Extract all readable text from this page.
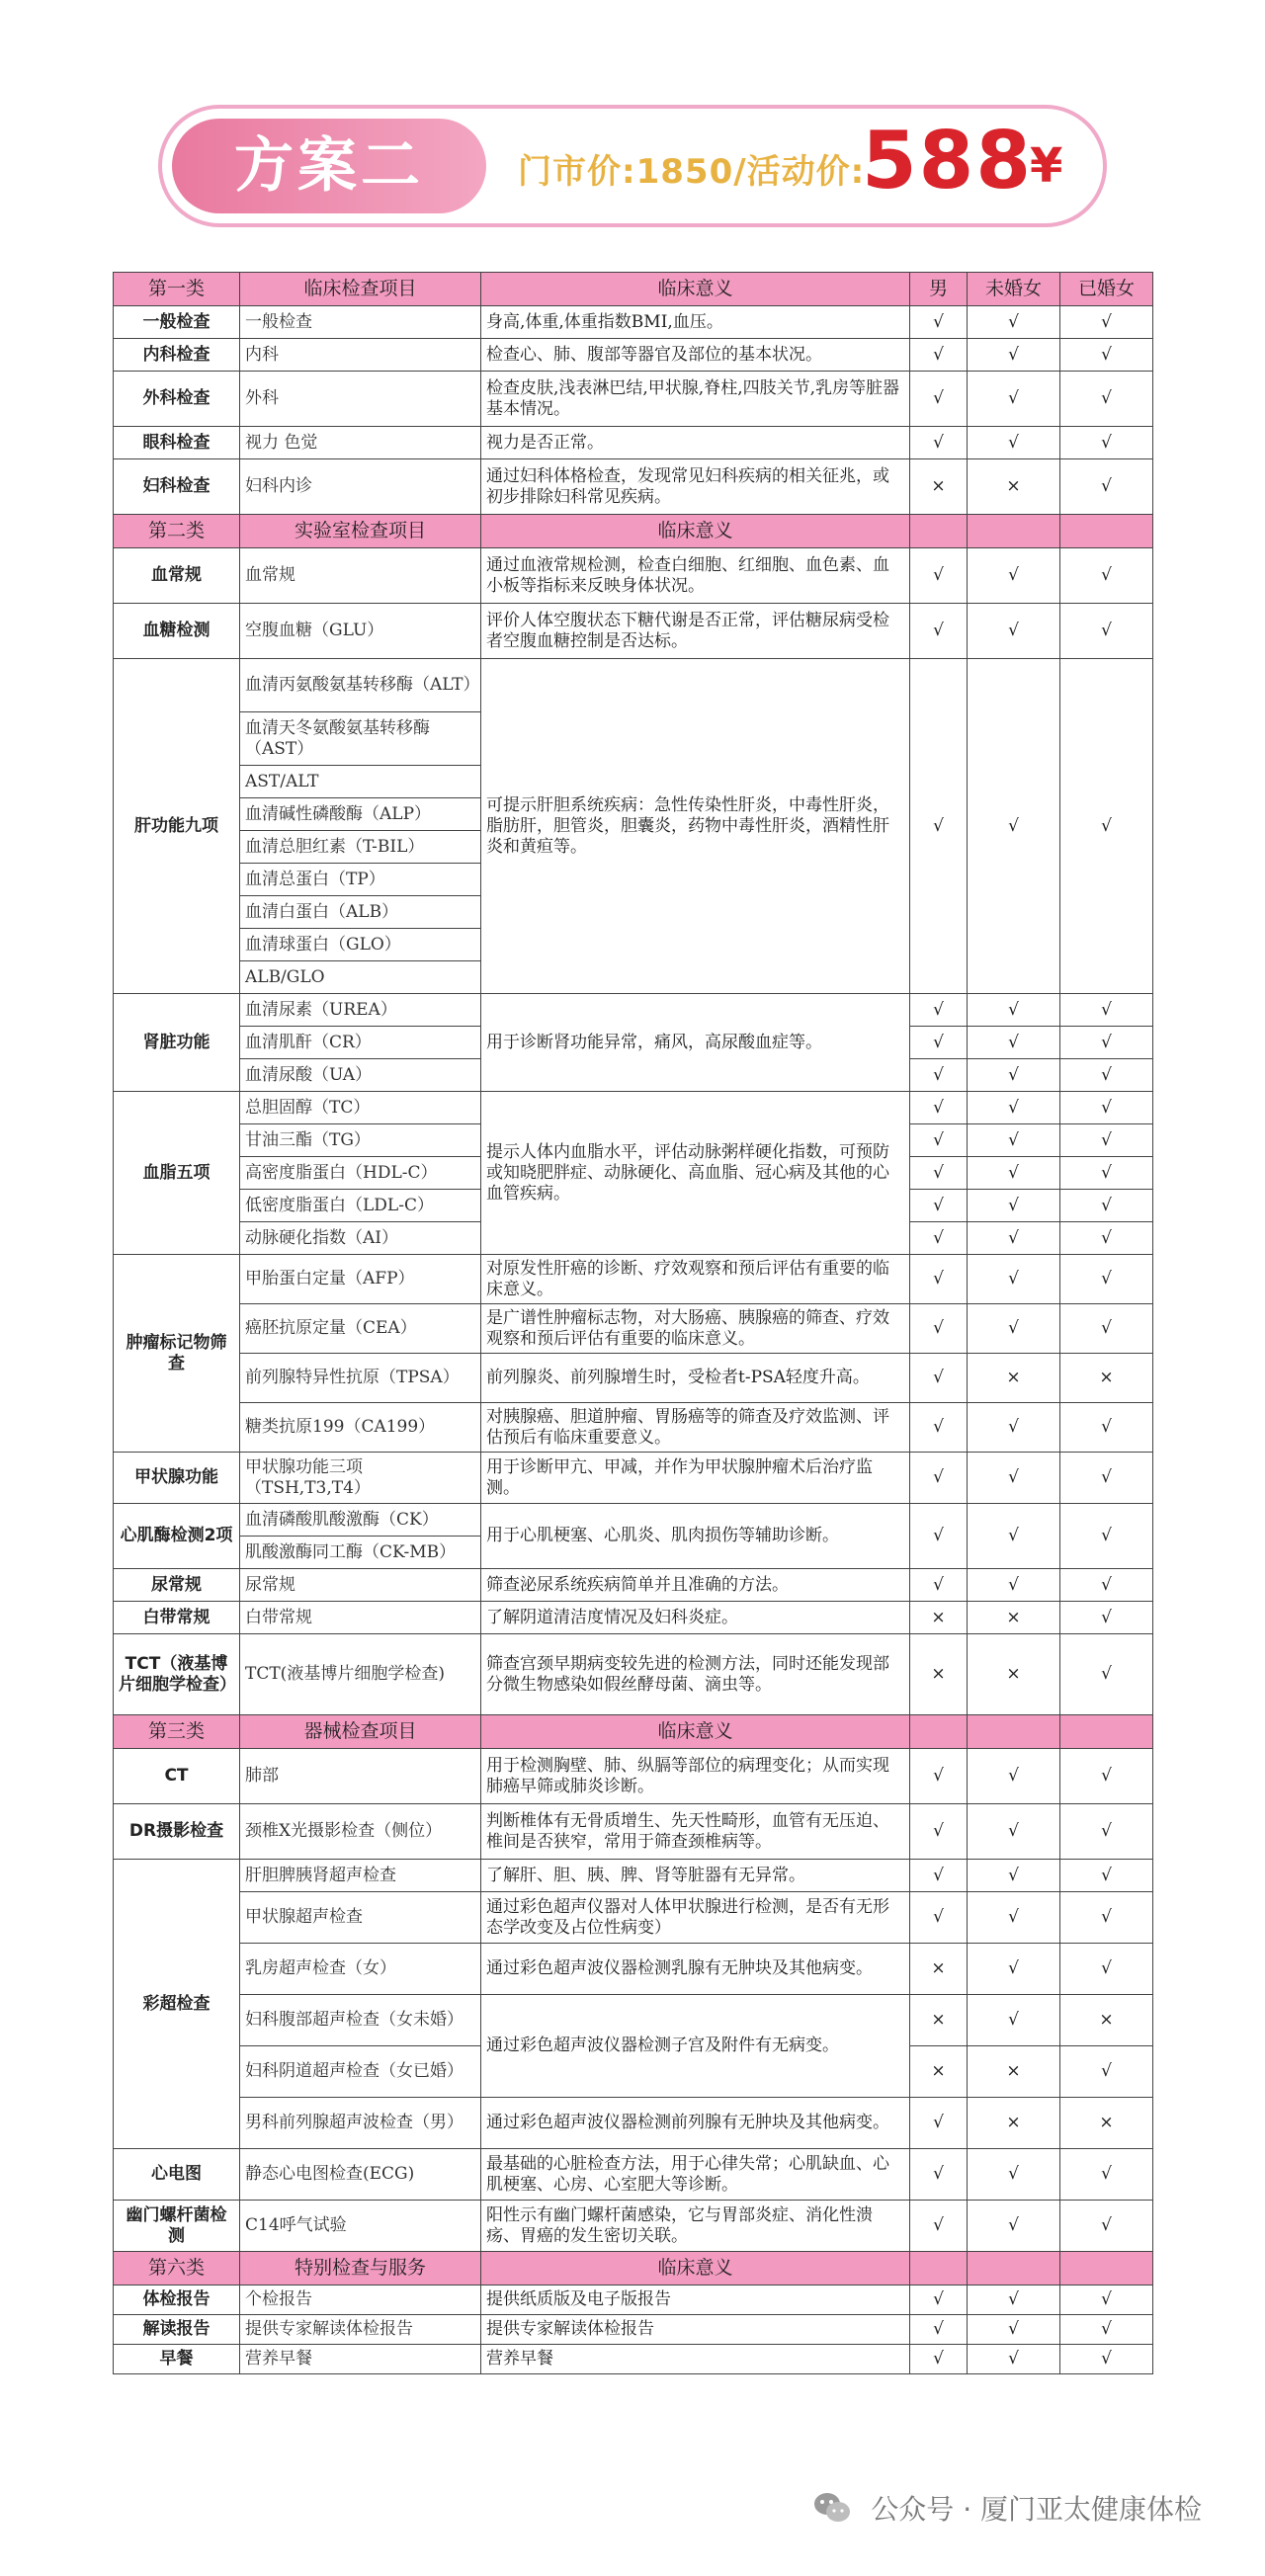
方案二	门市价:1850/活动价:
588
¥
第一类	临床检查项目	临床意义	男	未婚女	已婚女
一般检查	一般检查	身高,体重,体重指数BMI,血压。	√	√	√
内科检查	内科	检查心、肺、腹部等器官及部位的基本状况。	√	√	√
外科检查	外科	检查皮肤,浅表淋巴结,甲状腺,脊柱,四肢关节,乳房等脏器基本情况。	√	√	√
眼科检查	视力 色觉	视力是否正常。	√	√	√
妇科检查	妇科内诊	通过妇科体格检查，发现常见妇科疾病的相关征兆，或初步排除妇科常见疾病。	×	×	√
第二类	实验室检查项目	临床意义			
血常规	血常规	通过血液常规检测，检查白细胞、红细胞、血色素、血小板等指标来反映身体状况。	√	√	√
血糖检测	空腹血糖（GLU）	评价人体空腹状态下糖代谢是否正常，评估糖尿病受检者空腹血糖控制是否达标。	√	√	√
肝功能九项	血清丙氨酸氨基转移酶（ALT）	可提示肝胆系统疾病：急性传染性肝炎，中毒性肝炎，脂肪肝，胆管炎，胆囊炎，药物中毒性肝炎，酒精性肝炎和黄疸等。	√	√	√
	血清天冬氨酸氨基转移酶（AST）				
	AST/ALT				
	血清碱性磷酸酶（ALP）				
	血清总胆红素（T-BIL）				
	血清总蛋白（TP）				
	血清白蛋白（ALB）				
	血清球蛋白（GLO）				
	ALB/GLO				
肾脏功能	血清尿素（UREA）	用于诊断肾功能异常，痛风，高尿酸血症等。	√	√	√
	血清肌酐（CR）		√	√	√
	血清尿酸（UA）		√	√	√
血脂五项	总胆固醇（TC）	提示人体内血脂水平，评估动脉粥样硬化指数，可预防或知晓肥胖症、动脉硬化、高血脂、冠心病及其他的心血管疾病。	√	√	√
	甘油三酯（TG）		√	√	√
	高密度脂蛋白（HDL-C）		√	√	√
	低密度脂蛋白（LDL-C）		√	√	√
	动脉硬化指数（AI）		√	√	√
肿瘤标记物筛查	甲胎蛋白定量（AFP）	对原发性肝癌的诊断、疗效观察和预后评估有重要的临床意义。	√	√	√
	癌胚抗原定量（CEA）	是广谱性肿瘤标志物，对大肠癌、胰腺癌的筛查、疗效观察和预后评估有重要的临床意义。	√	√	√
	前列腺特异性抗原（TPSA）	前列腺炎、前列腺增生时，受检者t-PSA轻度升高。	√	×	×
	糖类抗原199（CA199）	对胰腺癌、胆道肿瘤、胃肠癌等的筛查及疗效监测、评估预后有临床重要意义。	√	√	√
甲状腺功能	甲状腺功能三项（TSH,T3,T4）	用于诊断甲亢、甲减，并作为甲状腺肿瘤术后治疗监测。	√	√	√
心肌酶检测2项	血清磷酸肌酸激酶（CK）	用于心肌梗塞、心肌炎、肌肉损伤等辅助诊断。	√	√	√
	肌酸激酶同工酶（CK-MB）				
尿常规	尿常规	筛查泌尿系统疾病简单并且准确的方法。	√	√	√
白带常规	白带常规	了解阴道清洁度情况及妇科炎症。	×	×	√
TCT（液基博片细胞学检查）	TCT(液基博片细胞学检查)	筛查宫颈早期病变较先进的检测方法，同时还能发现部分微生物感染如假丝酵母菌、滴虫等。	×	×	√
第三类	器械检查项目	临床意义			
CT	肺部	用于检测胸壁、肺、纵膈等部位的病理变化；从而实现肺癌早筛或肺炎诊断。	√	√	√
DR摄影检查	颈椎X光摄影检查（侧位）	判断椎体有无骨质增生、先天性畸形，血管有无压迫、椎间是否狭窄，常用于筛查颈椎病等。	√	√	√
彩超检查	肝胆脾胰肾超声检查	了解肝、胆、胰、脾、肾等脏器有无异常。	√	√	√
	甲状腺超声检查	通过彩色超声仪器对人体甲状腺进行检测，是否有无形态学改变及占位性病变）	√	√	√
	乳房超声检查（女）	通过彩色超声波仪器检测乳腺有无肿块及其他病变。	×	√	√
	妇科腹部超声检查（女未婚）	通过彩色超声波仪器检测子宫及附件有无病变。	×	√	×
	妇科阴道超声检查（女已婚）		×	×	√
	男科前列腺超声波检查（男）	通过彩色超声波仪器检测前列腺有无肿块及其他病变。	√	×	×
心电图	静态心电图检查(ECG)	最基础的心脏检查方法，用于心律失常；心肌缺血、心肌梗塞、心房、心室肥大等诊断。	√	√	√
幽门螺杆菌检测	C14呼气试验	阳性示有幽门螺杆菌感染，它与胃部炎症、消化性溃疡、胃癌的发生密切关联。	√	√	√
第六类	特别检查与服务	临床意义			
体检报告	个检报告	提供纸质版及电子版报告	√	√	√
解读报告	提供专家解读体检报告	提供专家解读体检报告	√	√	√
早餐	营养早餐	营养早餐	√	√	√
公众号 · 厦门亚太健康体检
